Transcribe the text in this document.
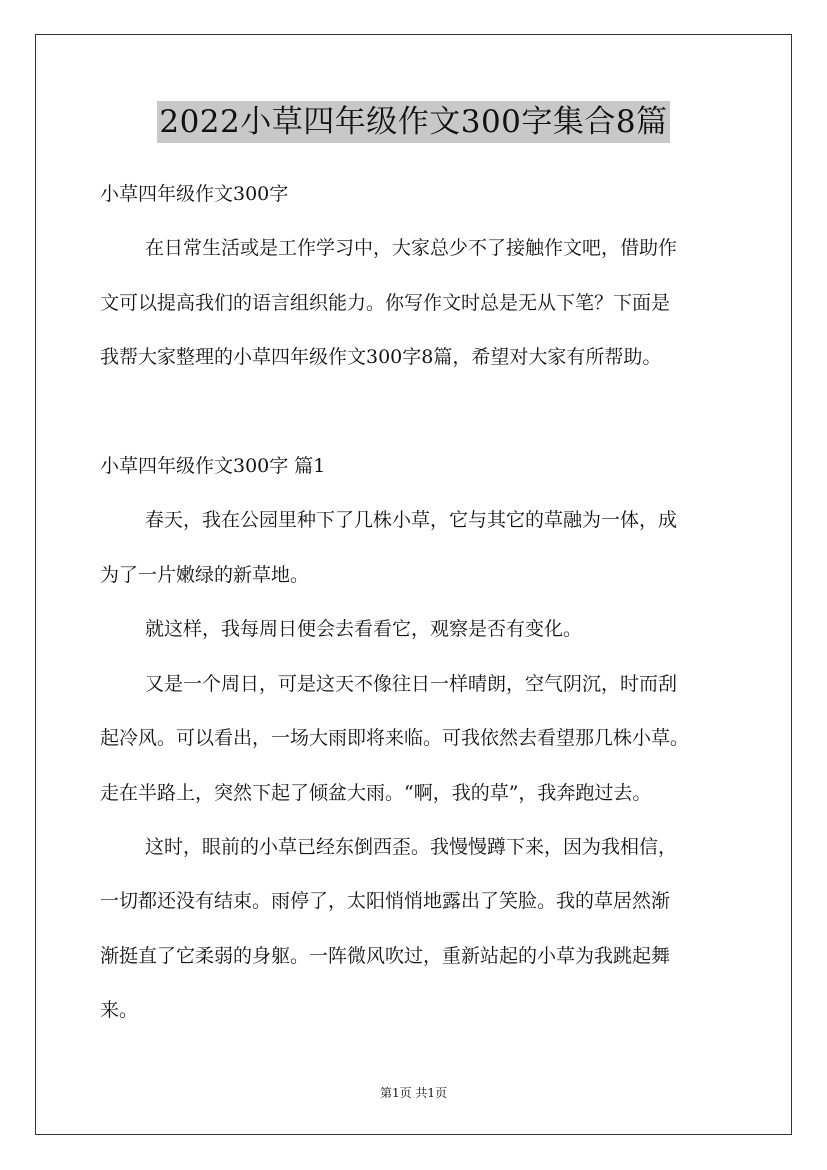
2022小草四年级作文300字集合8篇
小草四年级作文300字
在日常生活或是工作学习中，大家总少不了接触作文吧，借助作
文可以提高我们的语言组织能力。你写作文时总是无从下笔？下面是
我帮大家整理的小草四年级作文300字8篇，希望对大家有所帮助。
小草四年级作文300字 篇1
春天，我在公园里种下了几株小草，它与其它的草融为一体，成
为了一片嫩绿的新草地。
就这样，我每周日便会去看看它，观察是否有变化。
又是一个周日，可是这天不像往日一样晴朗，空气阴沉，时而刮
起冷风。可以看出，一场大雨即将来临。可我依然去看望那几株小草。
走在半路上，突然下起了倾盆大雨。“啊，我的草”，我奔跑过去。
这时，眼前的小草已经东倒西歪。我慢慢蹲下来，因为我相信，
一切都还没有结束。雨停了，太阳悄悄地露出了笑脸。我的草居然渐
渐挺直了它柔弱的身躯。一阵微风吹过，重新站起的小草为我跳起舞
来。
第1页 共1页
